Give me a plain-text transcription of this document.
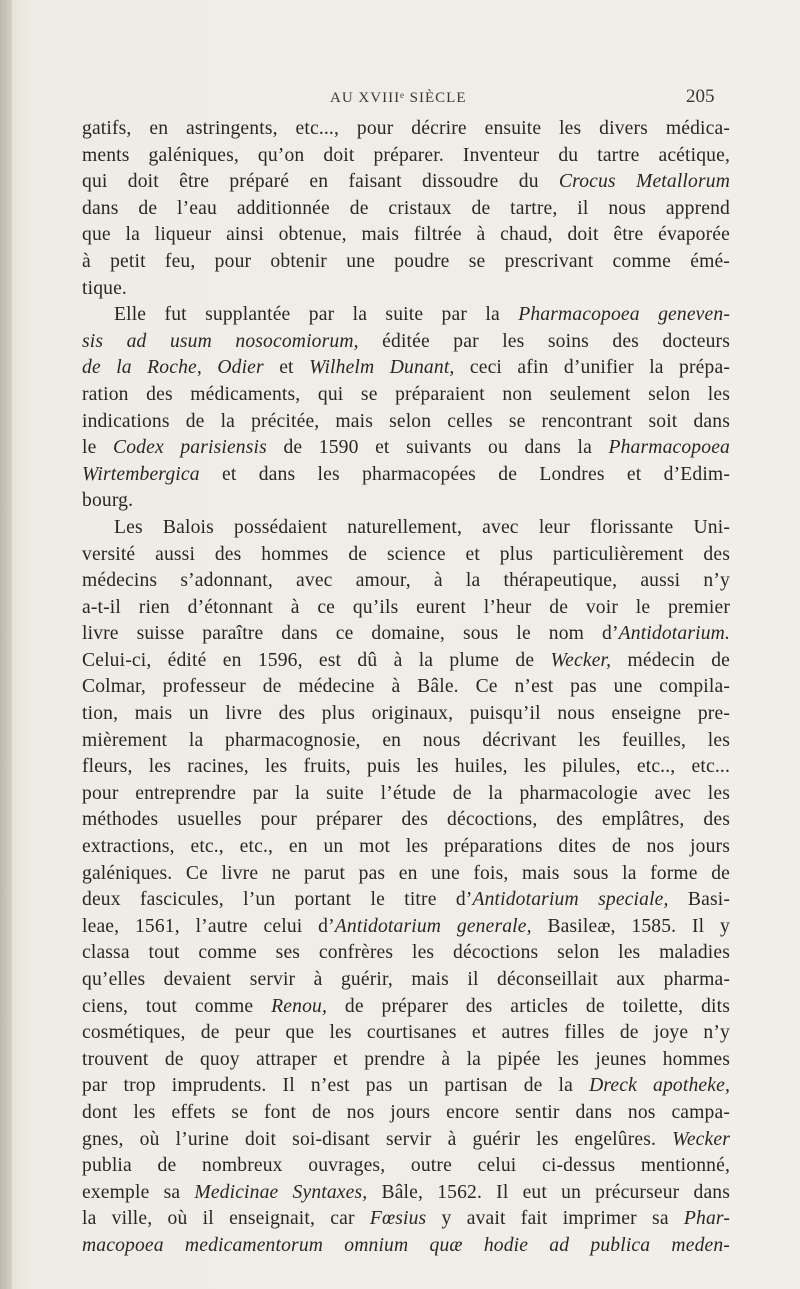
AU XVIIIᵉ SIÈCLE	205
gatifs, en astringents, etc..., pour décrire ensuite les divers médica-
ments galéniques, qu’on doit préparer. Inventeur du tartre acétique,
qui doit être préparé en faisant dissoudre du Crocus Metallorum
dans de l’eau additionnée de cristaux de tartre, il nous apprend
que la liqueur ainsi obtenue, mais filtrée à chaud, doit être évaporée
à petit feu, pour obtenir une poudre se prescrivant comme émé-
tique.
Elle fut supplantée par la suite par la Pharmacopoea geneven-
sis ad usum nosocomiorum, éditée par les soins des docteurs
de la Roche, Odier et Wilhelm Dunant, ceci afin d’unifier la prépa-
ration des médicaments, qui se préparaient non seulement selon les
indications de la précitée, mais selon celles se rencontrant soit dans
le Codex parisiensis de 1590 et suivants ou dans la Pharmacopoea
Wirtembergica et dans les pharmacopées de Londres et d’Edim-
bourg.
Les Balois possédaient naturellement, avec leur florissante Uni-
versité aussi des hommes de science et plus particulièrement des
médecins s’adonnant, avec amour, à la thérapeutique, aussi n’y
a-t-il rien d’étonnant à ce qu’ils eurent l’heur de voir le premier
livre suisse paraître dans ce domaine, sous le nom d’Antidotarium.
Celui-ci, édité en 1596, est dû à la plume de Wecker, médecin de
Colmar, professeur de médecine à Bâle. Ce n’est pas une compila-
tion, mais un livre des plus originaux, puisqu’il nous enseigne pre-
mièrement la pharmacognosie, en nous décrivant les feuilles, les
fleurs, les racines, les fruits, puis les huiles, les pilules, etc.., etc...
pour entreprendre par la suite l’étude de la pharmacologie avec les
méthodes usuelles pour préparer des décoctions, des emplâtres, des
extractions, etc., etc., en un mot les préparations dites de nos jours
galéniques. Ce livre ne parut pas en une fois, mais sous la forme de
deux fascicules, l’un portant le titre d’Antidotarium speciale, Basi-
leae, 1561, l’autre celui d’Antidotarium generale, Basileæ, 1585. Il y
classa tout comme ses confrères les décoctions selon les maladies
qu’elles devaient servir à guérir, mais il déconseillait aux pharma-
ciens, tout comme Renou, de préparer des articles de toilette, dits
cosmétiques, de peur que les courtisanes et autres filles de joye n’y
trouvent de quoy attraper et prendre à la pipée les jeunes hommes
par trop imprudents. Il n’est pas un partisan de la Dreck apotheke,
dont les effets se font de nos jours encore sentir dans nos campa-
gnes, où l’urine doit soi-disant servir à guérir les engelûres. Wecker
publia de nombreux ouvrages, outre celui ci-dessus mentionné,
exemple sa Medicinae Syntaxes, Bâle, 1562. Il eut un précurseur dans
la ville, où il enseignait, car Fœsius y avait fait imprimer sa Phar-
macopoea medicamentorum omnium quæ hodie ad publica meden-
